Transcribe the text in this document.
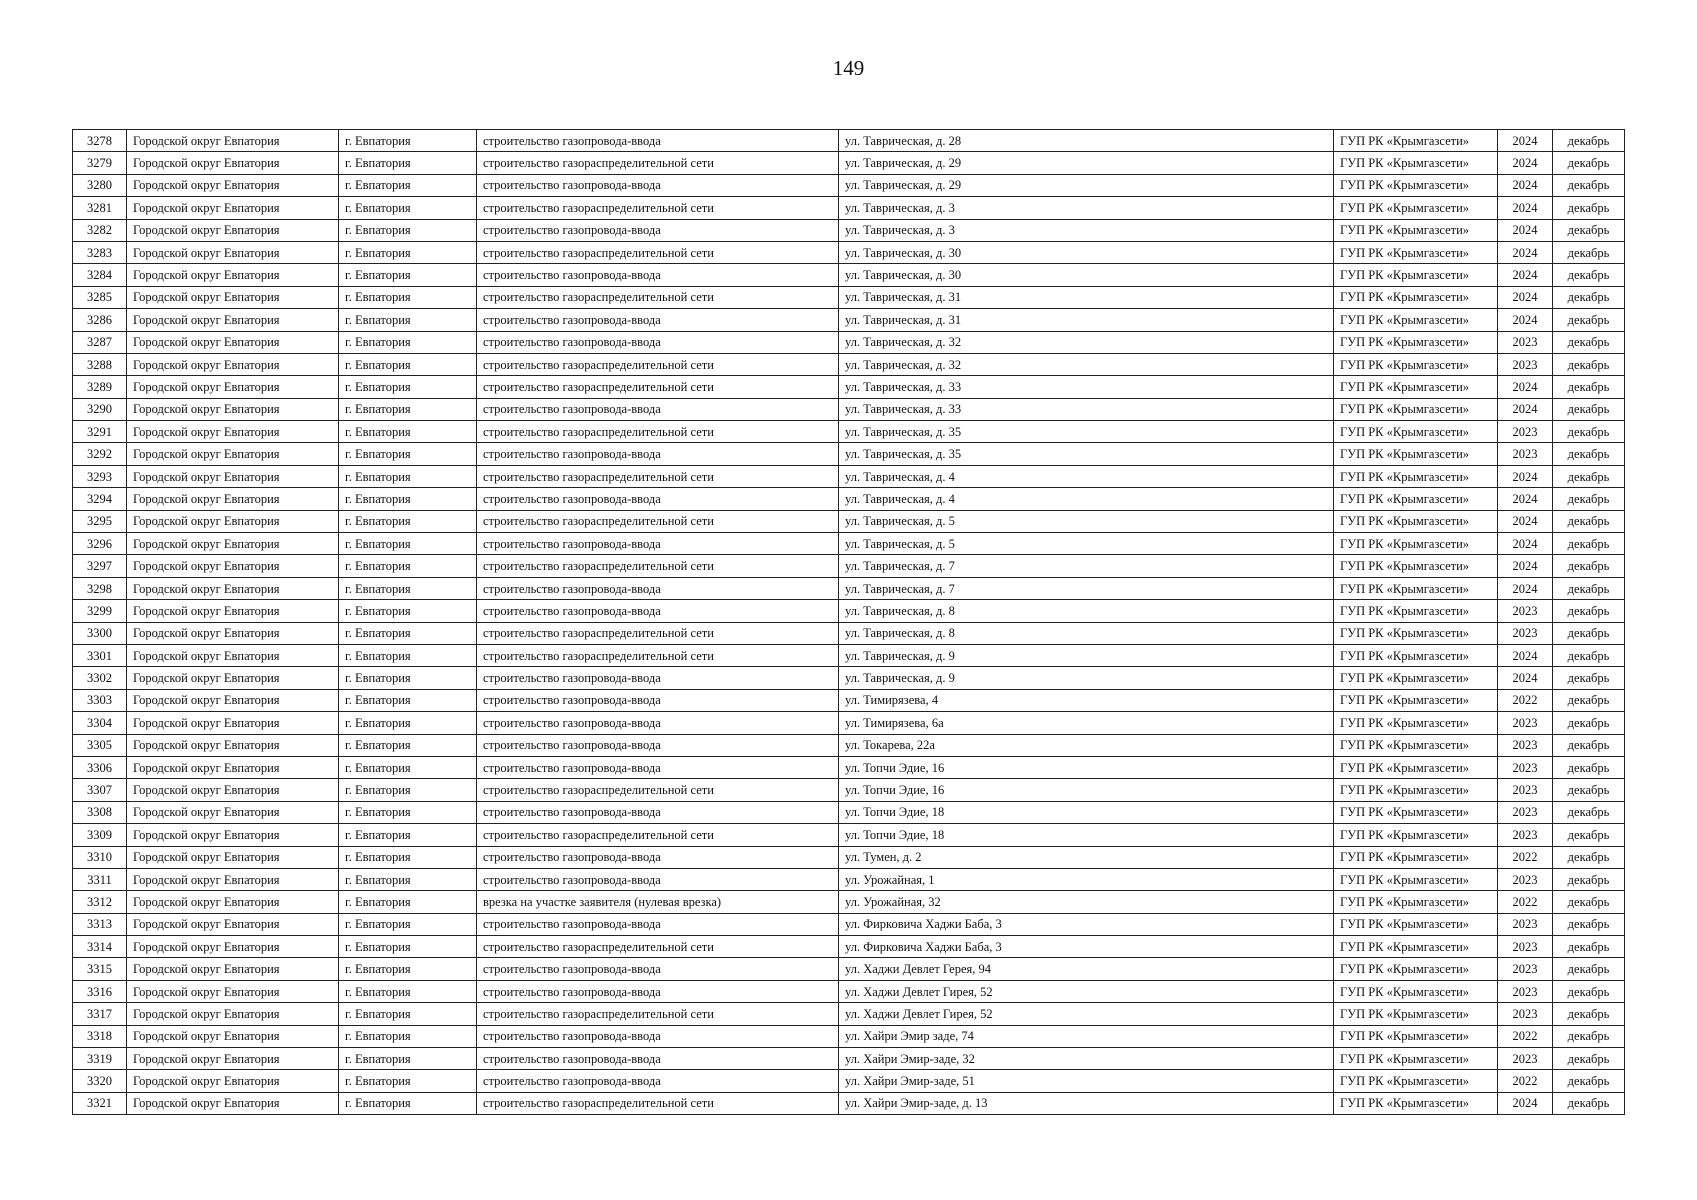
149
3278	Городской округ Евпатория	г. Евпатория	строительство газопровода-ввода	ул. Таврическая, д. 28	ГУП РК «Крымгазсети»	2024	декабрь
3279	Городской округ Евпатория	г. Евпатория	строительство газораспределительной сети	ул. Таврическая, д. 29	ГУП РК «Крымгазсети»	2024	декабрь
3280	Городской округ Евпатория	г. Евпатория	строительство газопровода-ввода	ул. Таврическая, д. 29	ГУП РК «Крымгазсети»	2024	декабрь
3281	Городской округ Евпатория	г. Евпатория	строительство газораспределительной сети	ул. Таврическая, д. 3	ГУП РК «Крымгазсети»	2024	декабрь
3282	Городской округ Евпатория	г. Евпатория	строительство газопровода-ввода	ул. Таврическая, д. 3	ГУП РК «Крымгазсети»	2024	декабрь
3283	Городской округ Евпатория	г. Евпатория	строительство газораспределительной сети	ул. Таврическая, д. 30	ГУП РК «Крымгазсети»	2024	декабрь
3284	Городской округ Евпатория	г. Евпатория	строительство газопровода-ввода	ул. Таврическая, д. 30	ГУП РК «Крымгазсети»	2024	декабрь
3285	Городской округ Евпатория	г. Евпатория	строительство газораспределительной сети	ул. Таврическая, д. 31	ГУП РК «Крымгазсети»	2024	декабрь
3286	Городской округ Евпатория	г. Евпатория	строительство газопровода-ввода	ул. Таврическая, д. 31	ГУП РК «Крымгазсети»	2024	декабрь
3287	Городской округ Евпатория	г. Евпатория	строительство газопровода-ввода	ул. Таврическая, д. 32	ГУП РК «Крымгазсети»	2023	декабрь
3288	Городской округ Евпатория	г. Евпатория	строительство газораспределительной сети	ул. Таврическая, д. 32	ГУП РК «Крымгазсети»	2023	декабрь
3289	Городской округ Евпатория	г. Евпатория	строительство газораспределительной сети	ул. Таврическая, д. 33	ГУП РК «Крымгазсети»	2024	декабрь
3290	Городской округ Евпатория	г. Евпатория	строительство газопровода-ввода	ул. Таврическая, д. 33	ГУП РК «Крымгазсети»	2024	декабрь
3291	Городской округ Евпатория	г. Евпатория	строительство газораспределительной сети	ул. Таврическая, д. 35	ГУП РК «Крымгазсети»	2023	декабрь
3292	Городской округ Евпатория	г. Евпатория	строительство газопровода-ввода	ул. Таврическая, д. 35	ГУП РК «Крымгазсети»	2023	декабрь
3293	Городской округ Евпатория	г. Евпатория	строительство газораспределительной сети	ул. Таврическая, д. 4	ГУП РК «Крымгазсети»	2024	декабрь
3294	Городской округ Евпатория	г. Евпатория	строительство газопровода-ввода	ул. Таврическая, д. 4	ГУП РК «Крымгазсети»	2024	декабрь
3295	Городской округ Евпатория	г. Евпатория	строительство газораспределительной сети	ул. Таврическая, д. 5	ГУП РК «Крымгазсети»	2024	декабрь
3296	Городской округ Евпатория	г. Евпатория	строительство газопровода-ввода	ул. Таврическая, д. 5	ГУП РК «Крымгазсети»	2024	декабрь
3297	Городской округ Евпатория	г. Евпатория	строительство газораспределительной сети	ул. Таврическая, д. 7	ГУП РК «Крымгазсети»	2024	декабрь
3298	Городской округ Евпатория	г. Евпатория	строительство газопровода-ввода	ул. Таврическая, д. 7	ГУП РК «Крымгазсети»	2024	декабрь
3299	Городской округ Евпатория	г. Евпатория	строительство газопровода-ввода	ул. Таврическая, д. 8	ГУП РК «Крымгазсети»	2023	декабрь
3300	Городской округ Евпатория	г. Евпатория	строительство газораспределительной сети	ул. Таврическая, д. 8	ГУП РК «Крымгазсети»	2023	декабрь
3301	Городской округ Евпатория	г. Евпатория	строительство газораспределительной сети	ул. Таврическая, д. 9	ГУП РК «Крымгазсети»	2024	декабрь
3302	Городской округ Евпатория	г. Евпатория	строительство газопровода-ввода	ул. Таврическая, д. 9	ГУП РК «Крымгазсети»	2024	декабрь
3303	Городской округ Евпатория	г. Евпатория	строительство газопровода-ввода	ул. Тимирязева, 4	ГУП РК «Крымгазсети»	2022	декабрь
3304	Городской округ Евпатория	г. Евпатория	строительство газопровода-ввода	ул. Тимирязева, 6а	ГУП РК «Крымгазсети»	2023	декабрь
3305	Городской округ Евпатория	г. Евпатория	строительство газопровода-ввода	ул. Токарева, 22а	ГУП РК «Крымгазсети»	2023	декабрь
3306	Городской округ Евпатория	г. Евпатория	строительство газопровода-ввода	ул. Топчи Эдие, 16	ГУП РК «Крымгазсети»	2023	декабрь
3307	Городской округ Евпатория	г. Евпатория	строительство газораспределительной сети	ул. Топчи Эдие, 16	ГУП РК «Крымгазсети»	2023	декабрь
3308	Городской округ Евпатория	г. Евпатория	строительство газопровода-ввода	ул. Топчи Эдие, 18	ГУП РК «Крымгазсети»	2023	декабрь
3309	Городской округ Евпатория	г. Евпатория	строительство газораспределительной сети	ул. Топчи Эдие, 18	ГУП РК «Крымгазсети»	2023	декабрь
3310	Городской округ Евпатория	г. Евпатория	строительство газопровода-ввода	ул. Тумен, д. 2	ГУП РК «Крымгазсети»	2022	декабрь
3311	Городской округ Евпатория	г. Евпатория	строительство газопровода-ввода	ул. Урожайная, 1	ГУП РК «Крымгазсети»	2023	декабрь
3312	Городской округ Евпатория	г. Евпатория	врезка на участке заявителя (нулевая врезка)	ул. Урожайная, 32	ГУП РК «Крымгазсети»	2022	декабрь
3313	Городской округ Евпатория	г. Евпатория	строительство газопровода-ввода	ул. Фирковича Хаджи Баба, 3	ГУП РК «Крымгазсети»	2023	декабрь
3314	Городской округ Евпатория	г. Евпатория	строительство газораспределительной сети	ул. Фирковича Хаджи Баба, 3	ГУП РК «Крымгазсети»	2023	декабрь
3315	Городской округ Евпатория	г. Евпатория	строительство газопровода-ввода	ул. Хаджи Девлет Герея, 94	ГУП РК «Крымгазсети»	2023	декабрь
3316	Городской округ Евпатория	г. Евпатория	строительство газопровода-ввода	ул. Хаджи Девлет Гирея, 52	ГУП РК «Крымгазсети»	2023	декабрь
3317	Городской округ Евпатория	г. Евпатория	строительство газораспределительной сети	ул. Хаджи Девлет Гирея, 52	ГУП РК «Крымгазсети»	2023	декабрь
3318	Городской округ Евпатория	г. Евпатория	строительство газопровода-ввода	ул. Хайри Эмир заде, 74	ГУП РК «Крымгазсети»	2022	декабрь
3319	Городской округ Евпатория	г. Евпатория	строительство газопровода-ввода	ул. Хайри Эмир-заде, 32	ГУП РК «Крымгазсети»	2023	декабрь
3320	Городской округ Евпатория	г. Евпатория	строительство газопровода-ввода	ул. Хайри Эмир-заде, 51	ГУП РК «Крымгазсети»	2022	декабрь
3321	Городской округ Евпатория	г. Евпатория	строительство газораспределительной сети	ул. Хайри Эмир-заде, д. 13	ГУП РК «Крымгазсети»	2024	декабрь
